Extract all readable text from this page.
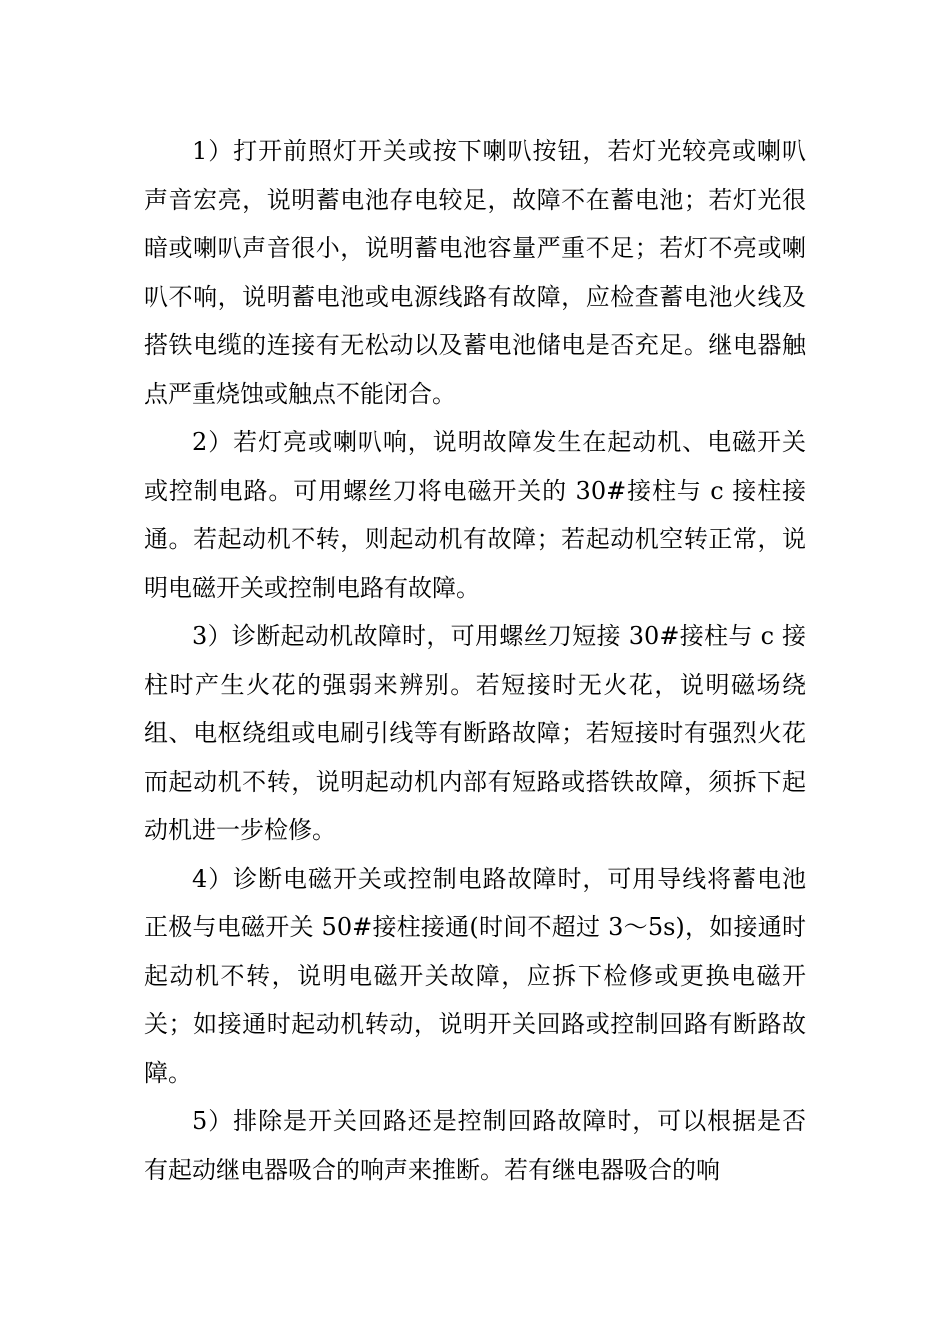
1）打开前照灯开关或按下喇叭按钮，若灯光较亮或喇叭声音宏亮，说明蓄电池存电较足，故障不在蓄电池；若灯光很暗或喇叭声音很小，说明蓄电池容量严重不足；若灯不亮或喇叭不响，说明蓄电池或电源线路有故障，应检查蓄电池火线及搭铁电缆的连接有无松动以及蓄电池储电是否充足。继电器触点严重烧蚀或触点不能闭合。

2）若灯亮或喇叭响，说明故障发生在起动机、电磁开关或控制电路。可用螺丝刀将电磁开关的 30#接柱与 c 接柱接通。若起动机不转，则起动机有故障；若起动机空转正常，说明电磁开关或控制电路有故障。

3）诊断起动机故障时，可用螺丝刀短接 30#接柱与 c 接柱时产生火花的强弱来辨别。若短接时无火花，说明磁场绕组、电枢绕组或电刷引线等有断路故障；若短接时有强烈火花而起动机不转，说明起动机内部有短路或搭铁故障，须拆下起动机进一步检修。

4）诊断电磁开关或控制电路故障时，可用导线将蓄电池正极与电磁开关 50#接柱接通(时间不超过 3～5s)，如接通时起动机不转，说明电磁开关故障，应拆下检修或更换电磁开关；如接通时起动机转动，说明开关回路或控制回路有断路故障。

5）排除是开关回路还是控制回路故障时，可以根据是否有起动继电器吸合的响声来推断。若有继电器吸合的响
